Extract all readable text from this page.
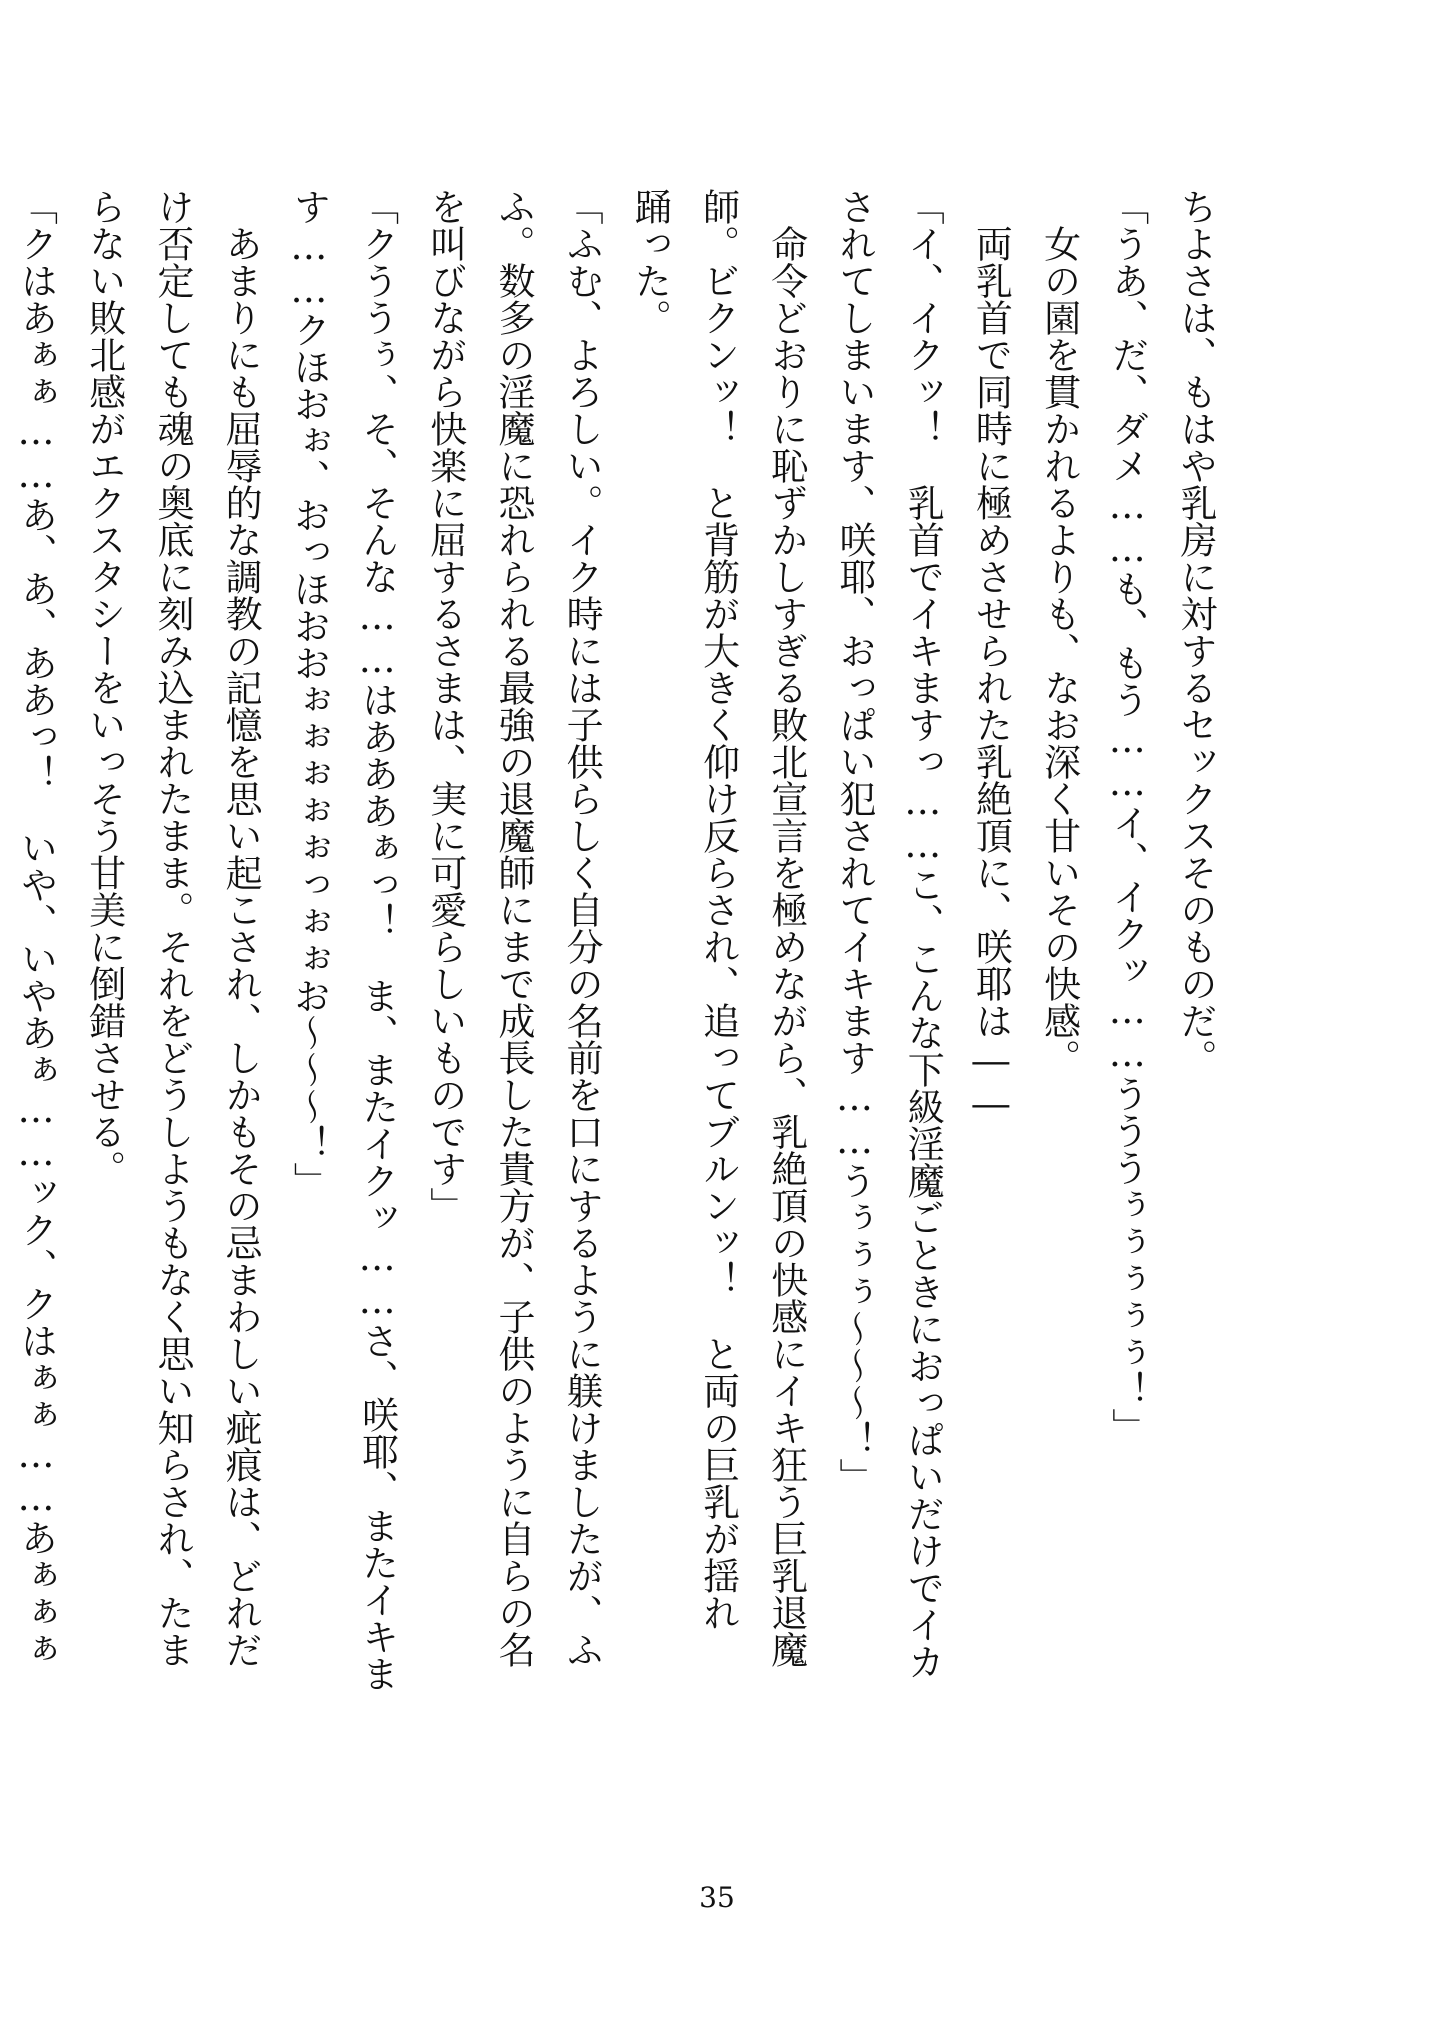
ちよさは、もはや乳房に対するセックスそのものだ。
「うあ、だ、ダメ……も、もう……イ、イクッ……うううぅぅぅぅぅ！」
　女の園を貫かれるよりも、なお深く甘いその快感。
　両乳首で同時に極めさせられた乳絶頂に、咲耶は――
「イ、イクッ！　乳首でイキますっ……こ、こんな下級淫魔ごときにおっぱいだけでイカ
されてしまいます、咲耶、おっぱい犯されてイキます……うぅぅぅ〜〜〜！」
　命令どおりに恥ずかしすぎる敗北宣言を極めながら、乳絶頂の快感にイキ狂う巨乳退魔
師。ビクンッ！　と背筋が大きく仰け反らされ、追ってブルンッ！　と両の巨乳が揺れ
踊った。
「ふむ、よろしい。イク時には子供らしく自分の名前を口にするように躾けましたが、ふ
ふ。数多の淫魔に恐れられる最強の退魔師にまで成長した貴方が、子供のように自らの名
を叫びながら快楽に屈するさまは、実に可愛らしいものです」
「クううぅ、そ、そんな……はあああぁっ！　ま、またイクッ……さ、咲耶、またイキま
す……クほおぉ、おっほおおぉぉぉぉぉっぉぉお〜〜〜！」
　あまりにも屈辱的な調教の記憶を思い起こされ、しかもその忌まわしい疵痕は、どれだ
け否定しても魂の奥底に刻み込まれたまま。それをどうしようもなく思い知らされ、たま
らない敗北感がエクスタシーをいっそう甘美に倒錯させる。
「クはあぁぁ……あ、あ、ああっ！　いや、いやあぁ……ック、クはぁぁ……あぁぁぁ
35
